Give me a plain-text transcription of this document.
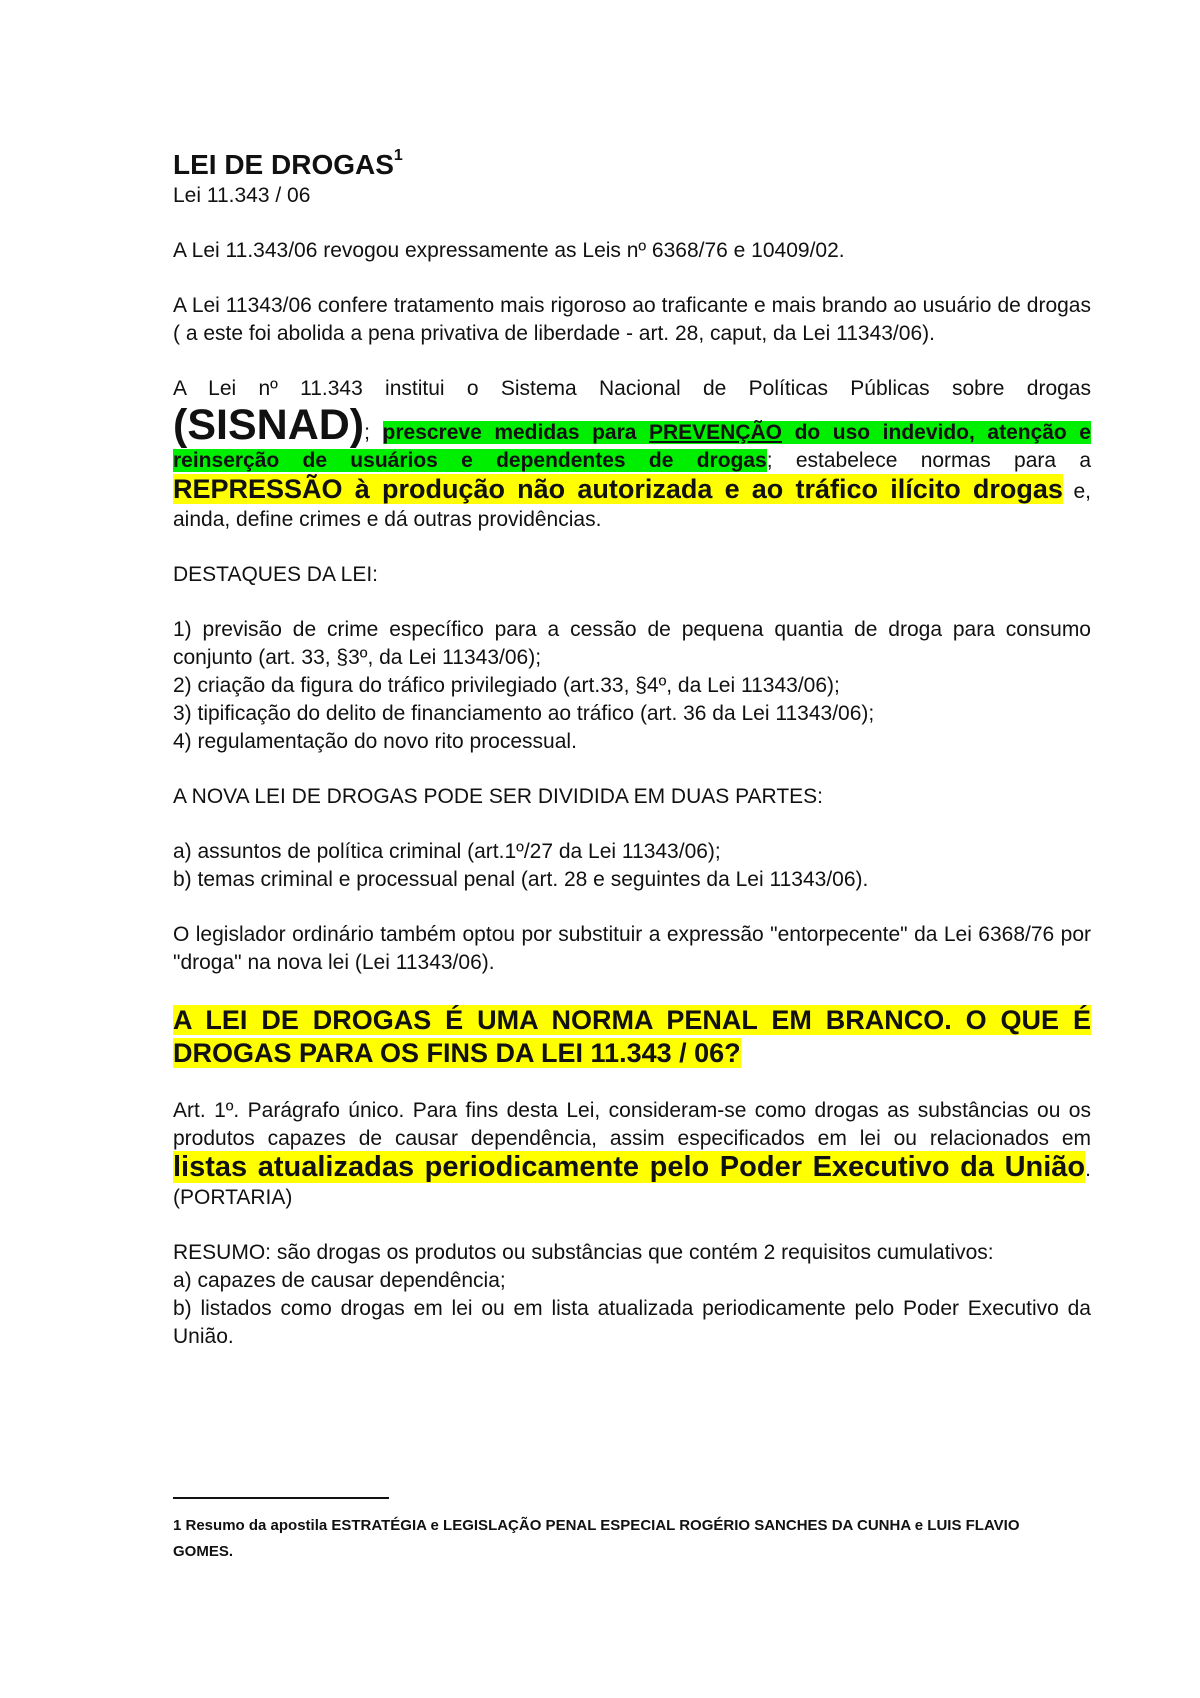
LEI DE DROGAS$^1$

Lei 11.343 / 06

A Lei 11.343/06 revogou expressamente as Leis nº 6368/76 e 10409/02.

A Lei 11343/06 confere tratamento mais rigoroso ao traficante e mais brando ao usuário de drogas ( a este foi abolida a pena privativa de liberdade - art. 28, caput, da Lei 11343/06).

A Lei nº 11.343 institui o Sistema Nacional de Políticas Públicas sobre drogas (SISNAD); prescreve medidas para PREVENÇÃO do uso indevido, atenção e reinserção de usuários e dependentes de drogas; estabelece normas para a REPRESSÃO à produção não autorizada e ao tráfico ilícito drogas e, ainda, define crimes e dá outras providências.

DESTAQUES DA LEI:

1) previsão de crime específico para a cessão de pequena quantia de droga para consumo conjunto (art. 33, §3º, da Lei 11343/06);

2) criação da figura do tráfico privilegiado (art.33, §4º, da Lei 11343/06);

3) tipificação do delito de financiamento ao tráfico (art. 36 da Lei 11343/06);

4) regulamentação do novo rito processual.

A NOVA LEI DE DROGAS PODE SER DIVIDIDA EM DUAS PARTES:

a) assuntos de política criminal (art.1º/27 da Lei 11343/06);

b) temas criminal e processual penal (art. 28 e seguintes da Lei 11343/06).

O legislador ordinário também optou por substituir a expressão "entorpecente" da Lei 6368/76 por "droga" na nova lei (Lei 11343/06).

A LEI DE DROGAS É UMA NORMA PENAL EM BRANCO. O QUE É DROGAS PARA OS FINS DA LEI 11.343 / 06?

Art. 1º. Parágrafo único. Para fins desta Lei, consideram-se como drogas as substâncias ou os produtos capazes de causar dependência, assim especificados em lei ou relacionados em listas atualizadas periodicamente pelo Poder Executivo da União. (PORTARIA)

RESUMO: são drogas os produtos ou substâncias que contém 2 requisitos cumulativos:

a) capazes de causar dependência;

b) listados como drogas em lei ou em lista atualizada periodicamente pelo Poder Executivo da União.

1 Resumo da apostila ESTRATÉGIA e LEGISLAÇÃO PENAL ESPECIAL ROGÉRIO SANCHES DA CUNHA e LUIS FLAVIO GOMES.
